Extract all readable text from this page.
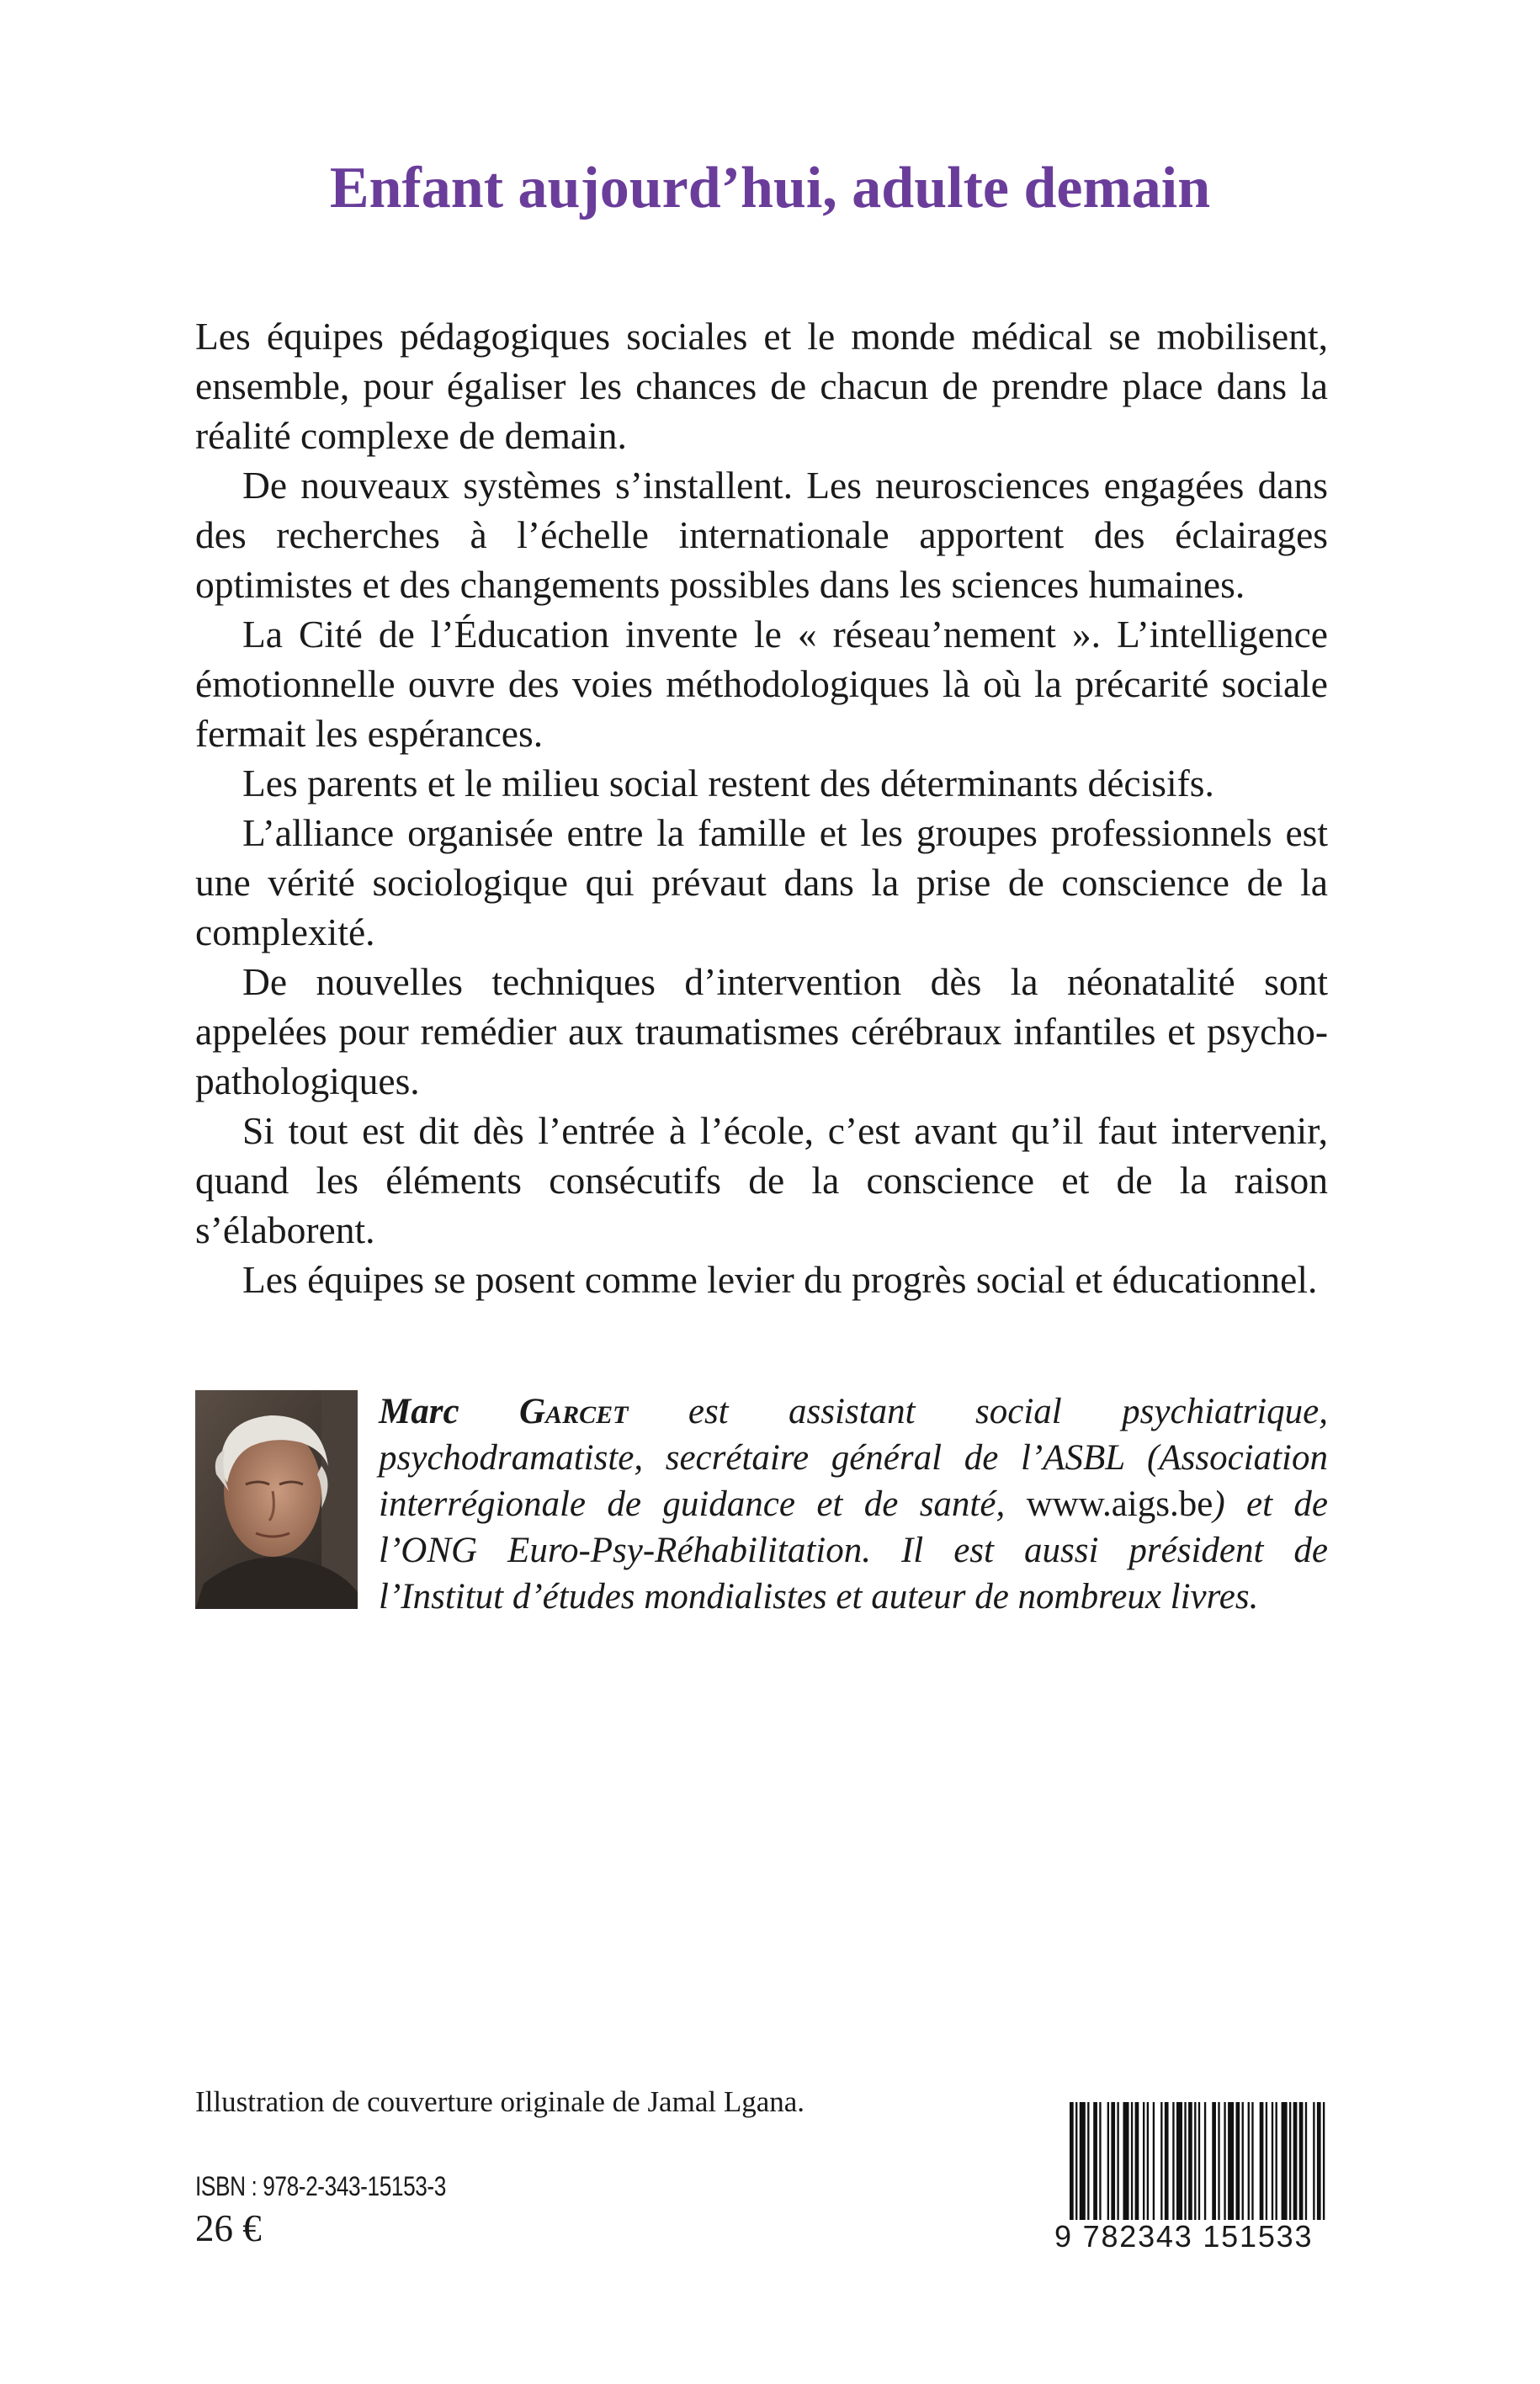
Enfant aujourd’hui, adulte demain

Les équipes pédagogiques sociales et le monde médical se mobilisent, ensemble, pour égaliser les chances de chacun de prendre place dans la réalité complexe de demain.

De nouveaux systèmes s’installent. Les neurosciences engagées dans des recherches à l’échelle internationale apportent des éclairages optimistes et des changements possibles dans les sciences humaines.

La Cité de l’Éducation invente le « réseau’nement ». L’intelligence émotionnelle ouvre des voies méthodologiques là où la précarité sociale fermait les espérances.

Les parents et le milieu social restent des déterminants décisifs.

L’alliance organisée entre la famille et les groupes professionnels est une vérité sociologique qui prévaut dans la prise de conscience de la complexité.

De nouvelles techniques d’intervention dès la néonatalité sont appelées pour remédier aux traumatismes cérébraux infantiles et psycho-pathologiques.

Si tout est dit dès l’entrée à l’école, c’est avant qu’il faut intervenir, quand les éléments consécutifs de la conscience et de la raison s’élaborent.

Les équipes se posent comme levier du progrès social et éducationnel.

Marc Garcet est assistant social psychiatrique, psychodramatiste, secrétaire général de l’ASBL (Association interrégionale de guidance et de santé, www.aigs.be) et de l’ONG Euro-Psy-Réhabilitation. Il est aussi président de l’Institut d’études mondialistes et auteur de nombreux livres.
Illustration de couverture originale de Jamal Lgana.
ISBN : 978-2-343-15153-3
26 €	9 782343 151533
